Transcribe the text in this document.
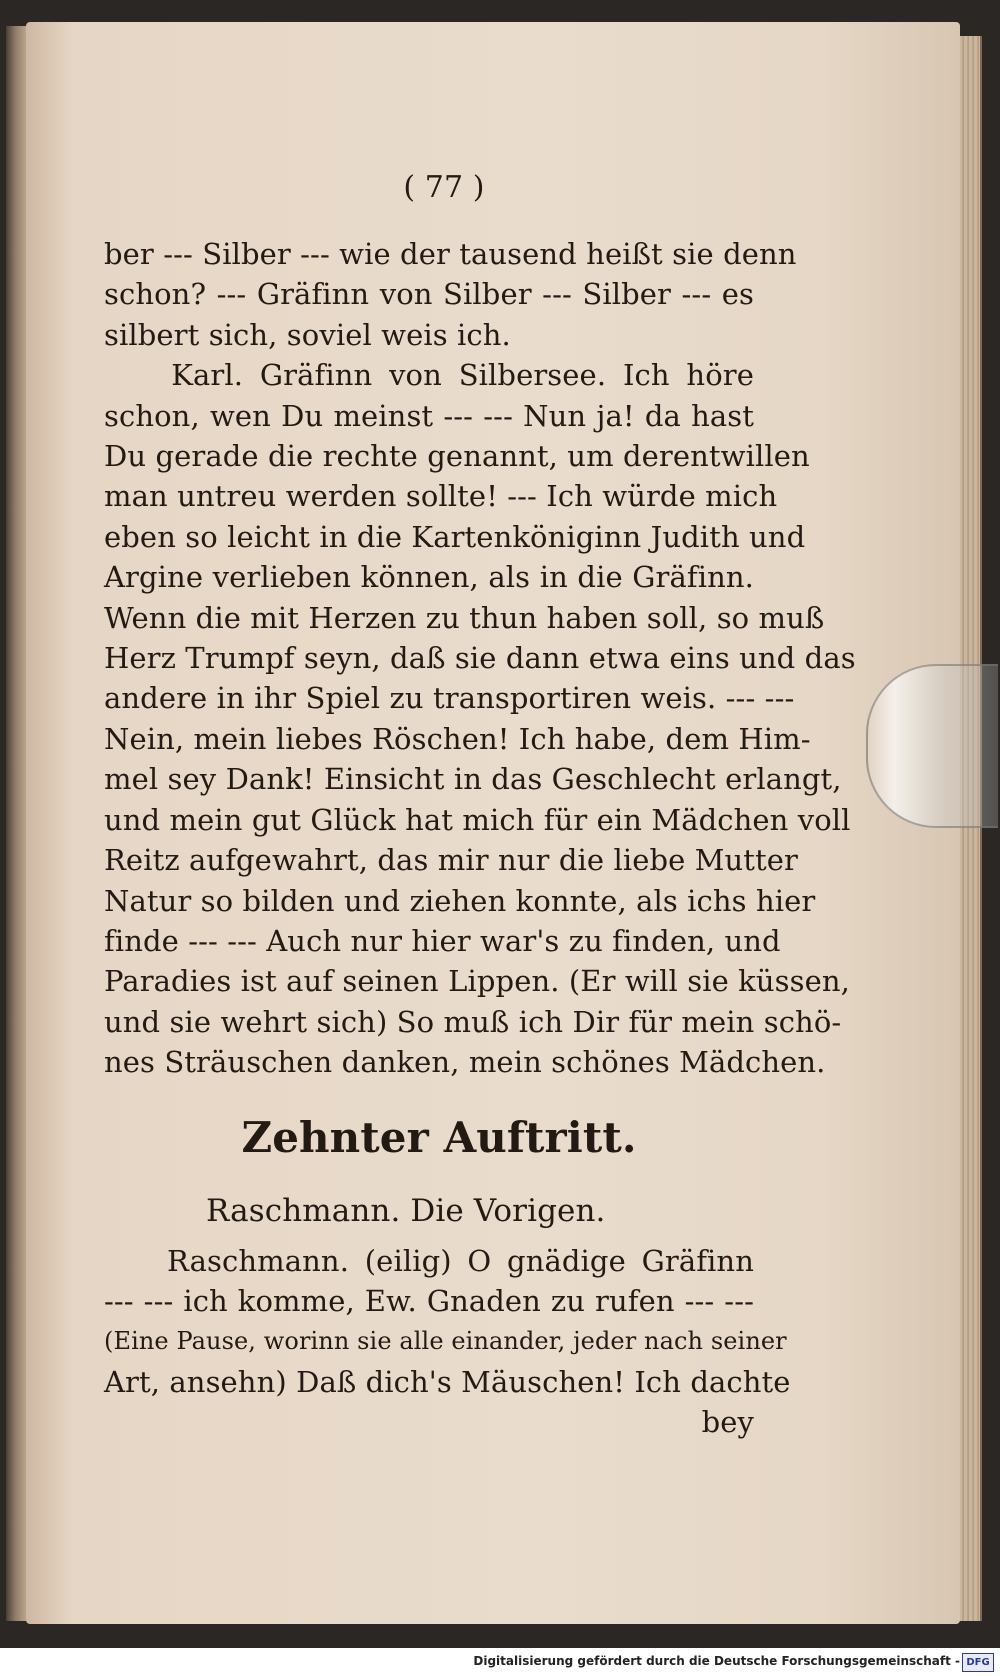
( 77 )
ber --- Silber --- wie der tausend heißt sie denn
schon? --- Gräfinn von Silber --- Silber --- es
silbert sich, soviel weis ich.
Karl. Gräfinn von Silbersee. Ich höre
schon, wen Du meinst --- --- Nun ja! da hast
Du gerade die rechte genannt, um derentwillen
man untreu werden sollte! --- Ich würde mich
eben so leicht in die Kartenköniginn Judith und
Argine verlieben können, als in die Gräfinn.
Wenn die mit Herzen zu thun haben soll, so muß
Herz Trumpf seyn, daß sie dann etwa eins und das
andere in ihr Spiel zu transportiren weis. --- ---
Nein, mein liebes Röschen! Ich habe, dem Him-
mel sey Dank! Einsicht in das Geschlecht erlangt,
und mein gut Glück hat mich für ein Mädchen voll
Reitz aufgewahrt, das mir nur die liebe Mutter
Natur so bilden und ziehen konnte, als ichs hier
finde --- --- Auch nur hier war's zu finden, und
Paradies ist auf seinen Lippen. (Er will sie küssen,
und sie wehrt sich) So muß ich Dir für mein schö-
nes Sträuschen danken, mein schönes Mädchen.
Zehnter Auftritt.
Raschmann. Die Vorigen.
Raschmann. (eilig) O gnädige Gräfinn
--- --- ich komme, Ew. Gnaden zu rufen --- ---
(Eine Pause, worinn sie alle einander, jeder nach seiner
Art, ansehn) Daß dich's Mäuschen! Ich dachte
bey
Digitalisierung gefördert durch die Deutsche Forschungsgemeinschaft - DFG
